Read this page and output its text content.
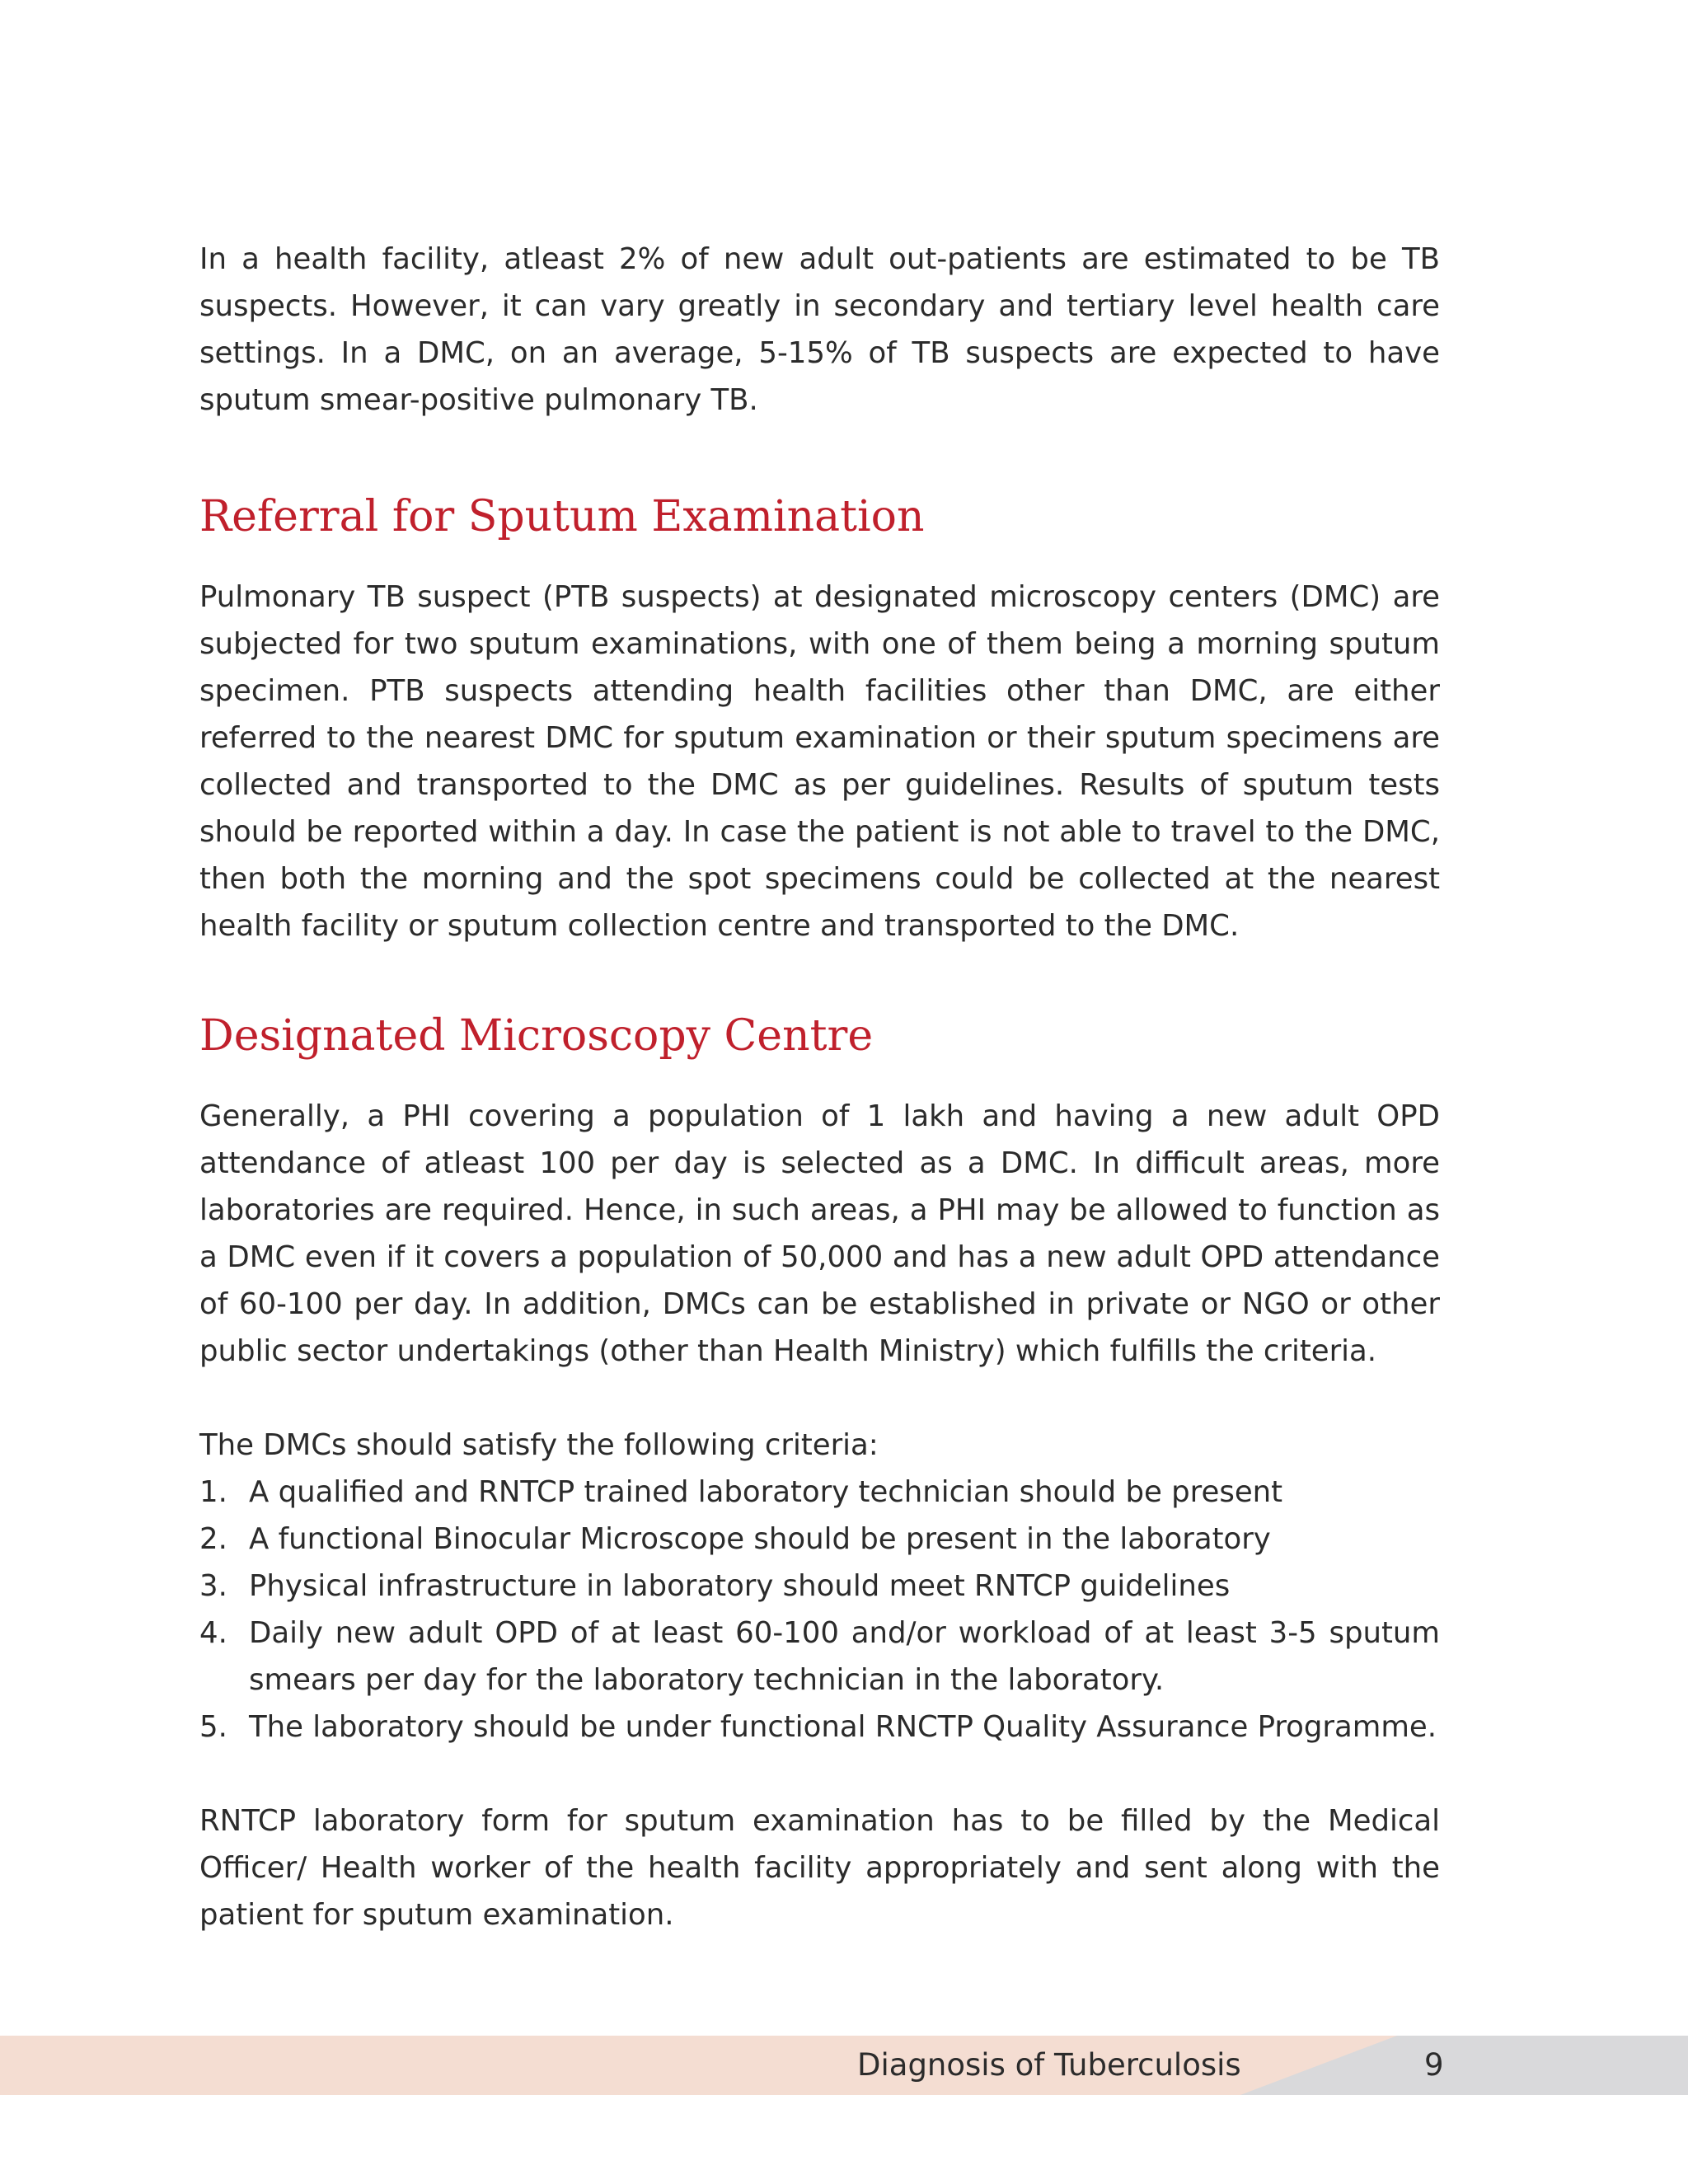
In a health facility, atleast 2% of new adult out-patients are estimated to be TB suspects. However, it can vary greatly in secondary and tertiary level health care settings. In a DMC, on an average, 5-15% of TB suspects are expected to have sputum smear-positive pulmonary TB.

Referral for Sputum Examination

Pulmonary TB suspect (PTB suspects) at designated microscopy centers (DMC) are subjected for two sputum examinations, with one of them being a morning sputum specimen. PTB suspects attending health facilities other than DMC, are either referred to the nearest DMC for sputum examination or their sputum specimens are collected and transported to the DMC as per guidelines. Results of sputum tests should be reported within a day. In case the patient is not able to travel to the DMC, then both the morning and the spot specimens could be collected at the nearest health facility or sputum collection centre and transported to the DMC.

Designated Microscopy Centre

Generally, a PHI covering a population of 1 lakh and having a new adult OPD attendance of atleast 100 per day is selected as a DMC. In difficult areas, more laboratories are required. Hence, in such areas, a PHI may be allowed to function as a DMC even if it covers a population of 50,000 and has a new adult OPD attendance of 60-100 per day. In addition, DMCs can be established in private or NGO or other public sector undertakings (other than Health Ministry) which fulfills the criteria.

The DMCs should satisfy the following criteria:

1. A qualified and RNTCP trained laboratory technician should be present
2. A functional Binocular Microscope should be present in the laboratory
3. Physical infrastructure in laboratory should meet RNTCP guidelines
4. Daily new adult OPD of at least 60-100 and/or workload of at least 3-5 sputum smears per day for the laboratory technician in the laboratory.
5. The laboratory should be under functional RNCTP Quality Assurance Programme.

RNTCP laboratory form for sputum examination has to be filled by the Medical Officer/ Health worker of the health facility appropriately and sent along with the patient for sputum examination.

Diagnosis of Tuberculosis	9
